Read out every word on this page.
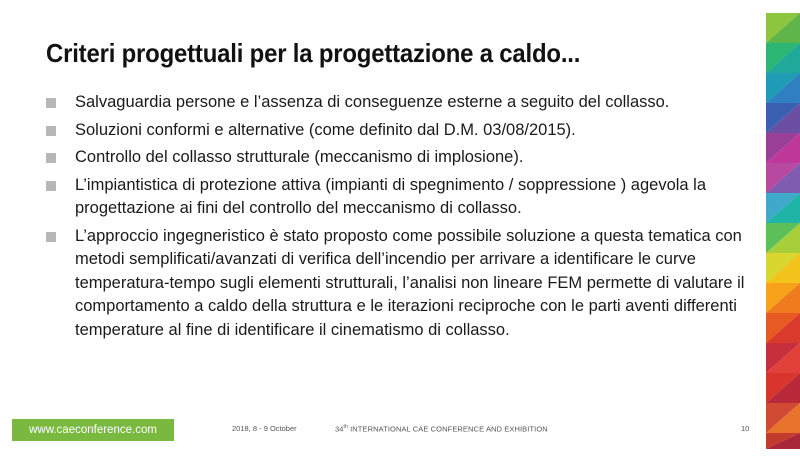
Criteri progettuali per la progettazione a caldo...
Salvaguardia persone e l’assenza di conseguenze esterne a seguito del collasso.
Soluzioni conformi e alternative (come definito dal D.M. 03/08/2015).
Controllo del collasso strutturale (meccanismo di implosione).
L’impiantistica di protezione attiva (impianti di spegnimento / soppressione ) agevola la progettazione ai fini del controllo del meccanismo di collasso.
L’approccio ingegneristico è stato proposto come possibile soluzione a questa tematica con metodi semplificati/avanzati di verifica dell’incendio per arrivare a identificare le curve temperatura-tempo sugli elementi strutturali, l’analisi non lineare FEM permette di valutare il comportamento a caldo della struttura e le iterazioni reciproche con le parti aventi differenti temperature al fine di identificare il cinematismo di collasso.
www.caeconference.com	2018, 8 - 9 October	34th INTERNATIONAL CAE CONFERENCE AND EXHIBITION	10
